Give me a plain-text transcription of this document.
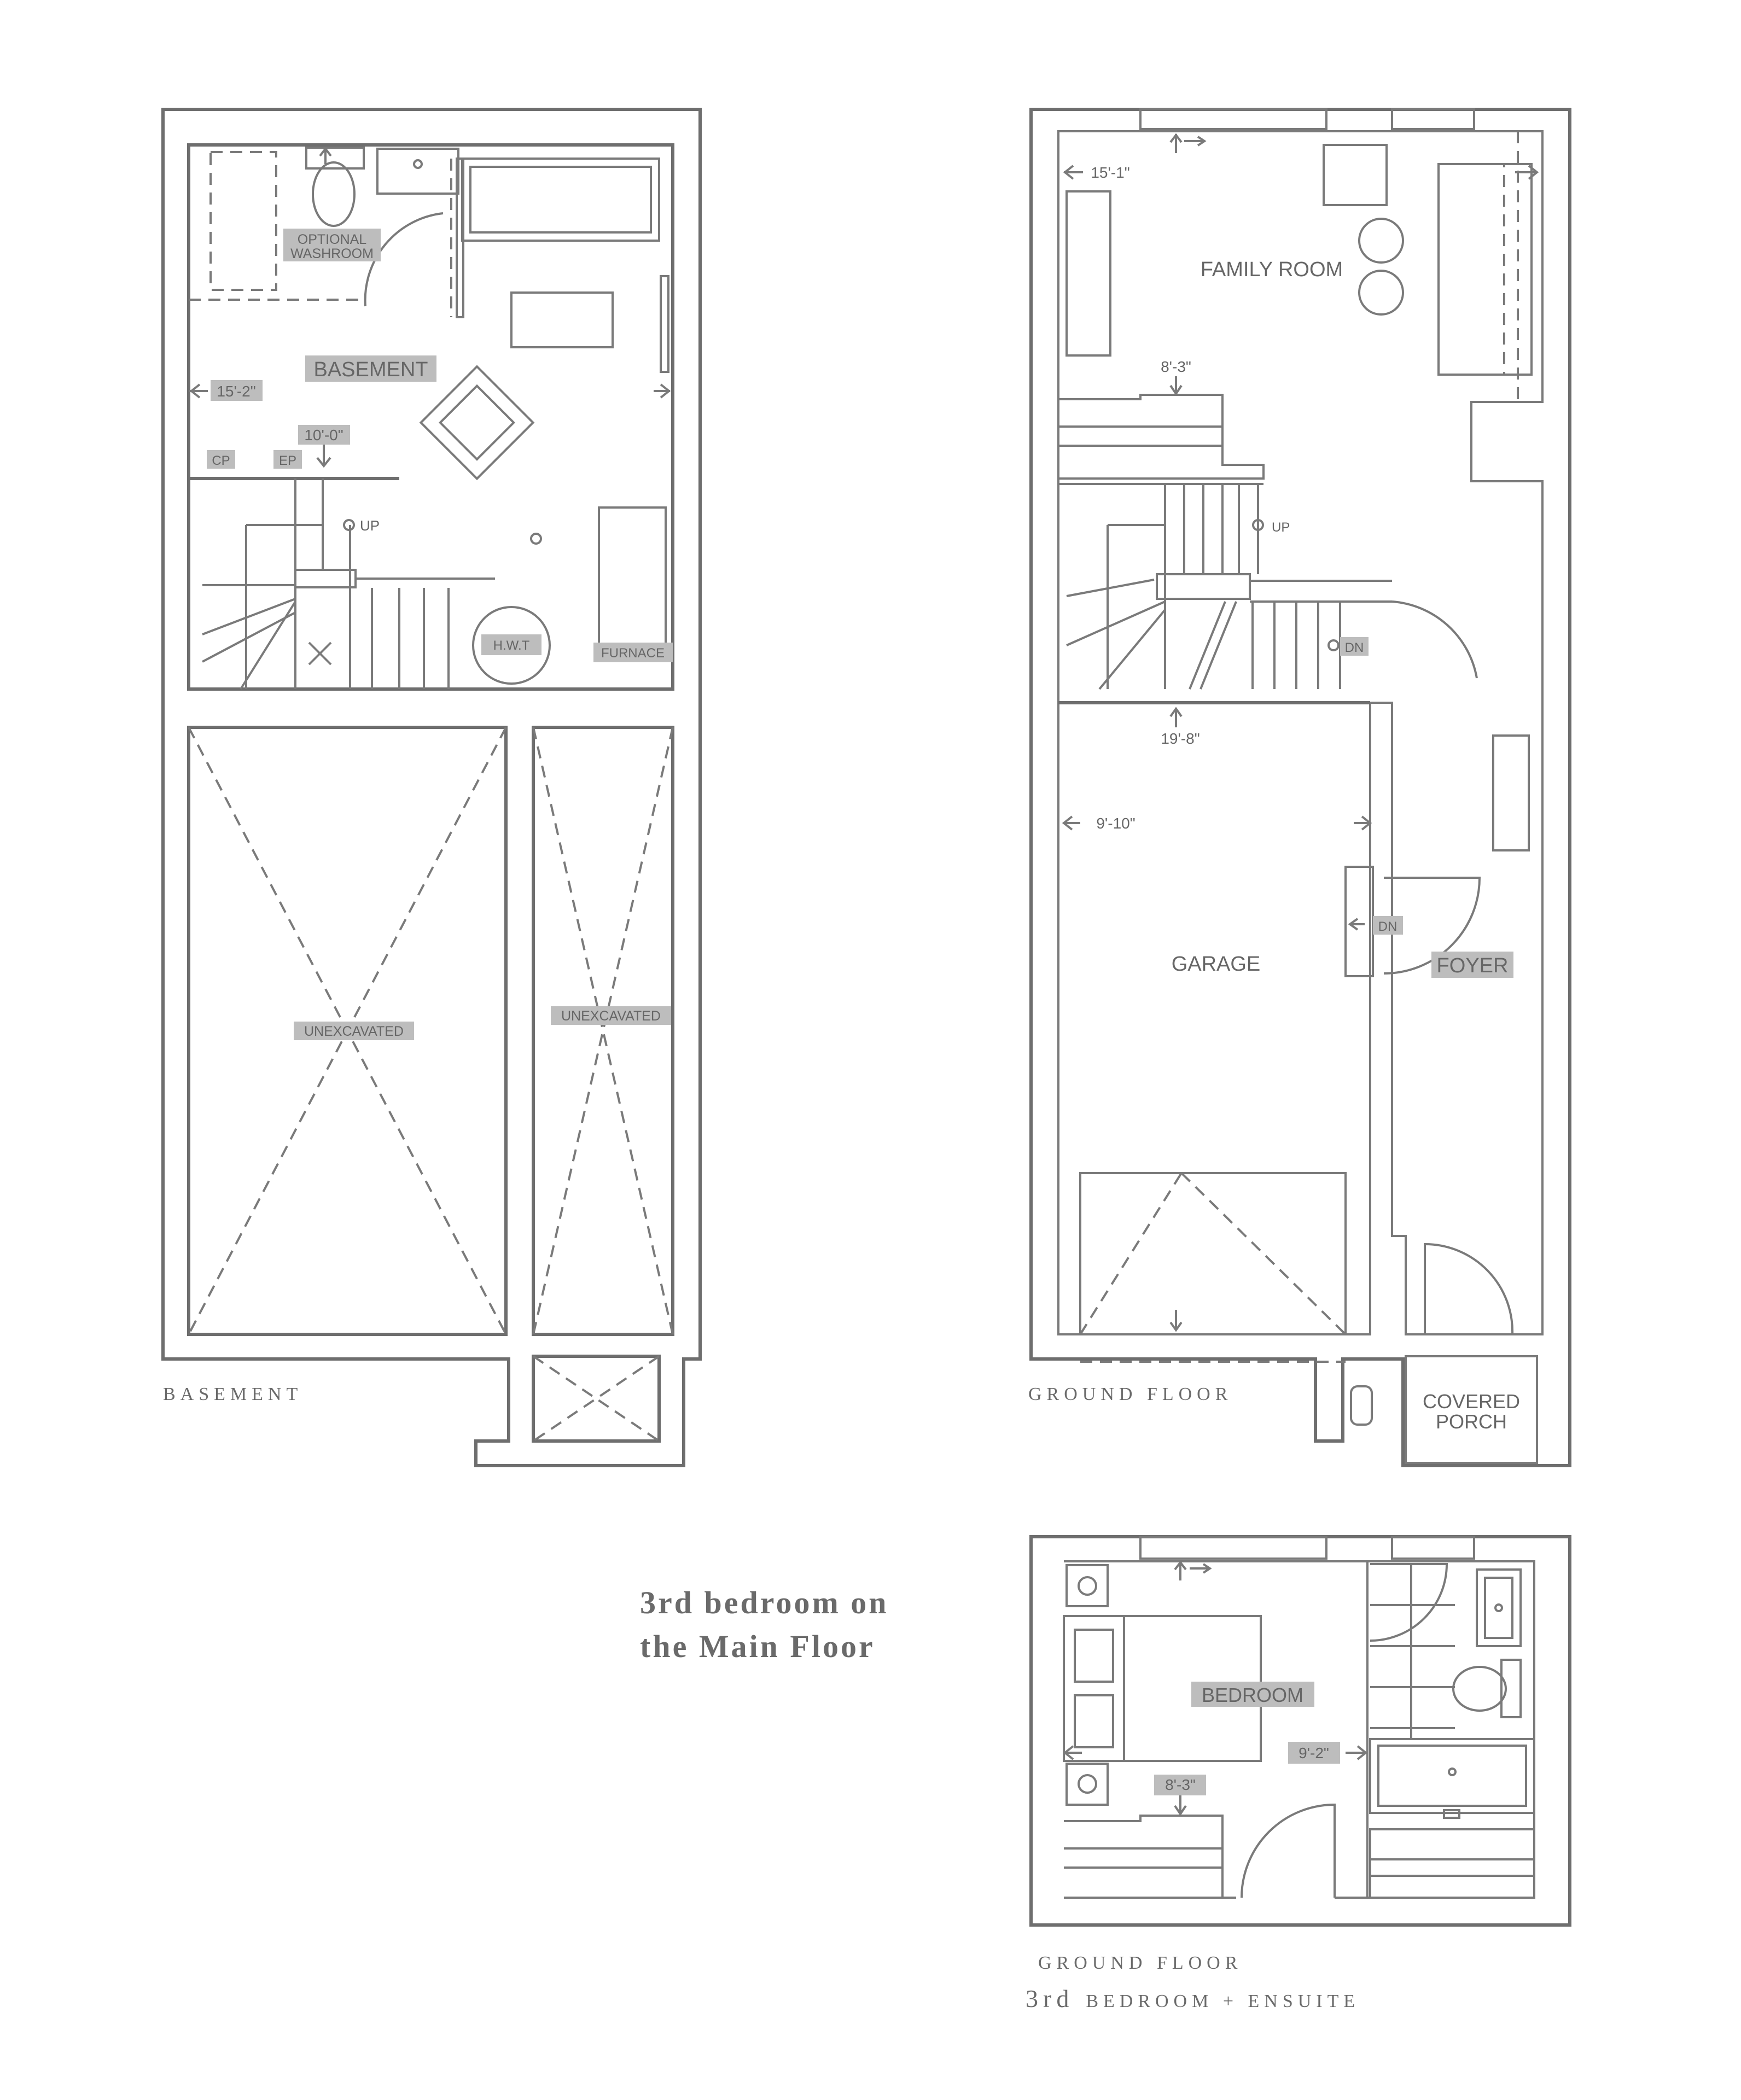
BASEMENT
OPTIONAL
WASHROOM
15'-2"
10'-0"
CP	EP
UP
H.W.T
FURNACE
UNEXCAVATED
UNEXCAVATED
BASEMENT
FAMILY ROOM
15'-1"
8'-3"
UP
DN
19'-8"
9'-10"
DN
GARAGE	FOYER
COVERED
PORCH
GROUND FLOOR
3rd bedroom on
the Main Floor
BEDROOM
9'-2"
8'-3"
GROUND FLOOR
3rd BEDROOM + ENSUITE
